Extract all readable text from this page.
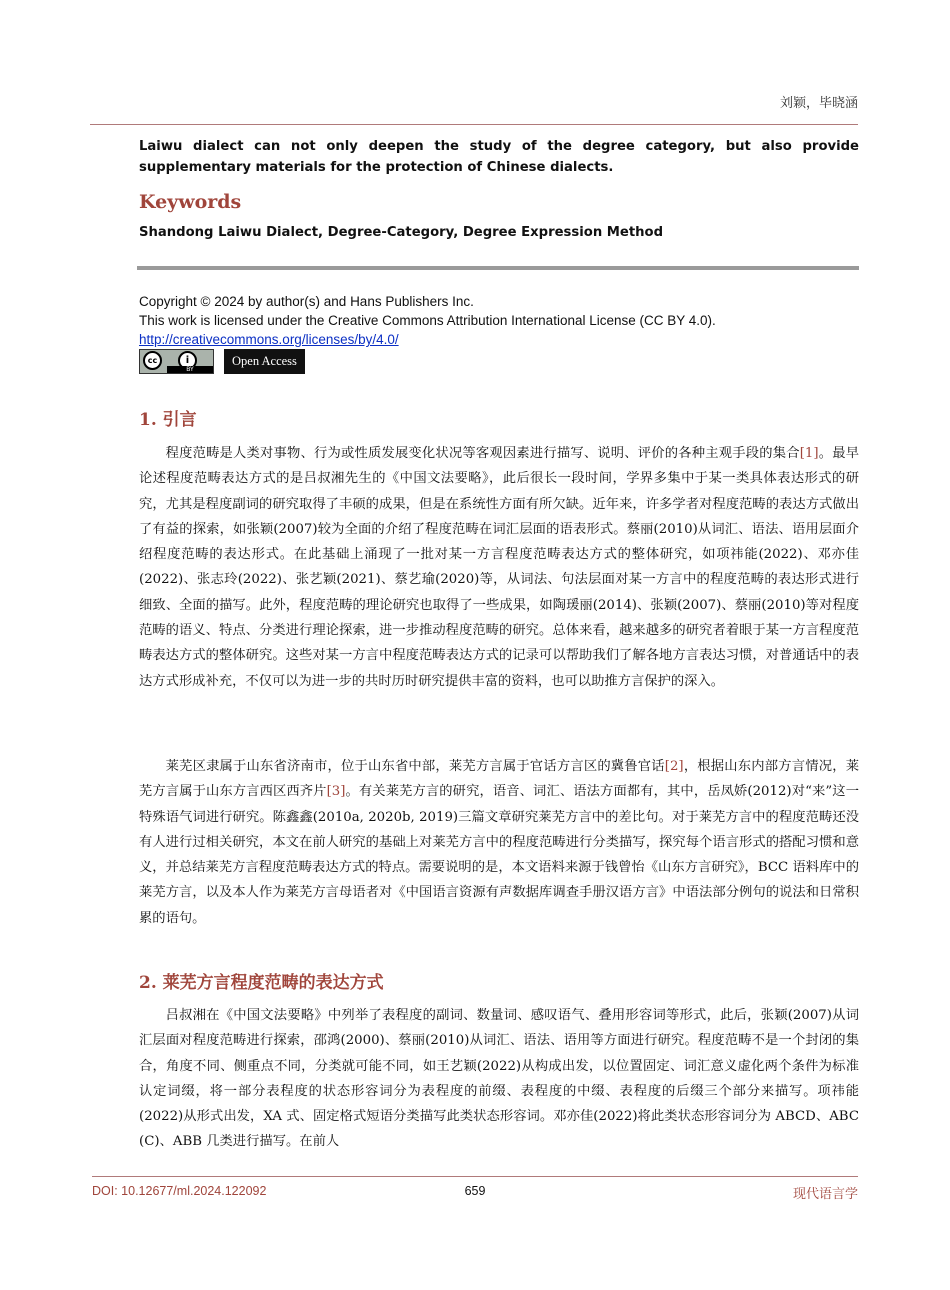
刘颖，毕晓涵
Laiwu dialect can not only deepen the study of the degree category, but also provide supplementary materials for the protection of Chinese dialects.
Keywords
Shandong Laiwu Dialect, Degree-Category, Degree Expression Method
Copyright © 2024 by author(s) and Hans Publishers Inc.
This work is licensed under the Creative Commons Attribution International License (CC BY 4.0).
http://creativecommons.org/licenses/by/4.0/
cc	i
BY
Open Access
1. 引言

程度范畴是人类对事物、行为或性质发展变化状况等客观因素进行描写、说明、评价的各种主观手段的集合[1]。最早论述程度范畴表达方式的是吕叔湘先生的《中国文法要略》，此后很长一段时间，学界多集中于某一类具体表达形式的研究，尤其是程度副词的研究取得了丰硕的成果，但是在系统性方面有所欠缺。近年来，许多学者对程度范畴的表达方式做出了有益的探索，如张颖(2007)较为全面的介绍了程度范畴在词汇层面的语表形式。蔡丽(2010)从词汇、语法、语用层面介绍程度范畴的表达形式。在此基础上涌现了一批对某一方言程度范畴表达方式的整体研究，如项祎能(2022)、邓亦佳(2022)、张志玲(2022)、张艺颖(2021)、蔡艺瑜(2020)等，从词法、句法层面对某一方言中的程度范畴的表达形式进行细致、全面的描写。此外，程度范畴的理论研究也取得了一些成果，如陶瑗丽(2014)、张颖(2007)、蔡丽(2010)等对程度范畴的语义、特点、分类进行理论探索，进一步推动程度范畴的研究。总体来看，越来越多的研究者着眼于某一方言程度范畴表达方式的整体研究。这些对某一方言中程度范畴表达方式的记录可以帮助我们了解各地方言表达习惯，对普通话中的表达方式形成补充，不仅可以为进一步的共时历时研究提供丰富的资料，也可以助推方言保护的深入。

莱芜区隶属于山东省济南市，位于山东省中部，莱芜方言属于官话方言区的冀鲁官话[2]，根据山东内部方言情况，莱芜方言属于山东方言西区西齐片[3]。有关莱芜方言的研究，语音、词汇、语法方面都有，其中，岳凤娇(2012)对“来”这一特殊语气词进行研究。陈鑫鑫(2010a, 2020b, 2019)三篇文章研究莱芜方言中的差比句。对于莱芜方言中的程度范畴还没有人进行过相关研究，本文在前人研究的基础上对莱芜方言中的程度范畴进行分类描写，探究每个语言形式的搭配习惯和意义，并总结莱芜方言程度范畴表达方式的特点。需要说明的是，本文语料来源于钱曾怡《山东方言研究》，BCC 语料库中的莱芜方言，以及本人作为莱芜方言母语者对《中国语言资源有声数据库调查手册汉语方言》中语法部分例句的说法和日常积累的语句。

2. 莱芜方言程度范畴的表达方式

吕叔湘在《中国文法要略》中列举了表程度的副词、数量词、感叹语气、叠用形容词等形式，此后，张颖(2007)从词汇层面对程度范畴进行探索，邵鸿(2000)、蔡丽(2010)从词汇、语法、语用等方面进行研究。程度范畴不是一个封闭的集合，角度不同、侧重点不同，分类就可能不同，如王艺颖(2022)从构成出发，以位置固定、词汇意义虚化两个条件为标准认定词缀，将一部分表程度的状态形容词分为表程度的前缀、表程度的中缀、表程度的后缀三个部分来描写。项祎能(2022)从形式出发，XA 式、固定格式短语分类描写此类状态形容词。邓亦佳(2022)将此类状态形容词分为 ABCD、ABC (C)、ABB 几类进行描写。在前人

DOI: 10.12677/ml.2024.122092	659	现代语言学
